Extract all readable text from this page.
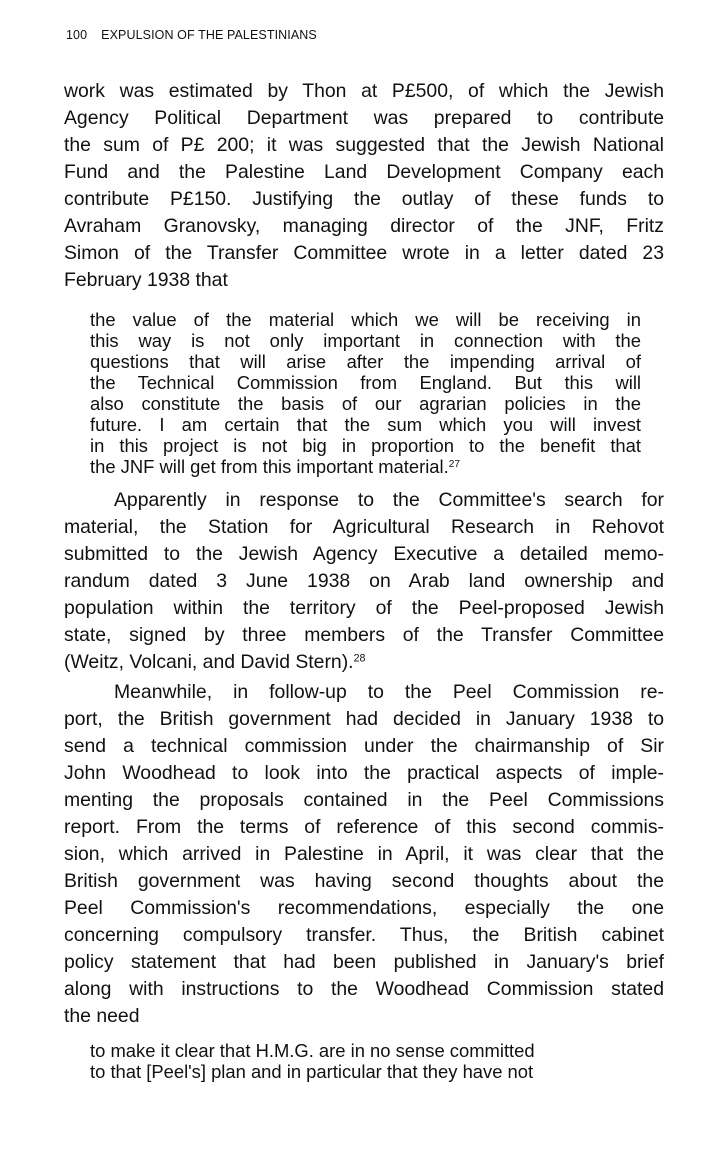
100 EXPULSION OF THE PALESTINIANS
work was estimated by Thon at P£500, of which the Jewish
Agency Political Department was prepared to contribute
the sum of P£ 200; it was suggested that the Jewish National
Fund and the Palestine Land Development Company each
contribute P£150. Justifying the outlay of these funds to
Avraham Granovsky, managing director of the JNF, Fritz
Simon of the Transfer Committee wrote in a letter dated 23
February 1938 that
the value of the material which we will be receiving in
this way is not only important in connection with the
questions that will arise after the impending arrival of
the Technical Commission from England. But this will
also constitute the basis of our agrarian policies in the
future. I am certain that the sum which you will invest
in this project is not big in proportion to the benefit that
the JNF will get from this important material.$^{27}$
Apparently in response to the Committee's search for
material, the Station for Agricultural Research in Rehovot
submitted to the Jewish Agency Executive a detailed memo-
randum dated 3 June 1938 on Arab land ownership and
population within the territory of the Peel-proposed Jewish
state, signed by three members of the Transfer Committee
(Weitz, Volcani, and David Stern).$^{28}$
Meanwhile, in follow-up to the Peel Commission re-
port, the British government had decided in January 1938 to
send a technical commission under the chairmanship of Sir
John Woodhead to look into the practical aspects of imple-
menting the proposals contained in the Peel Commissions
report. From the terms of reference of this second commis-
sion, which arrived in Palestine in April, it was clear that the
British government was having second thoughts about the
Peel Commission's recommendations, especially the one
concerning compulsory transfer. Thus, the British cabinet
policy statement that had been published in January's brief
along with instructions to the Woodhead Commission stated
the need
to make it clear that H.M.G. are in no sense committed
to that [Peel's] plan and in particular that they have not
